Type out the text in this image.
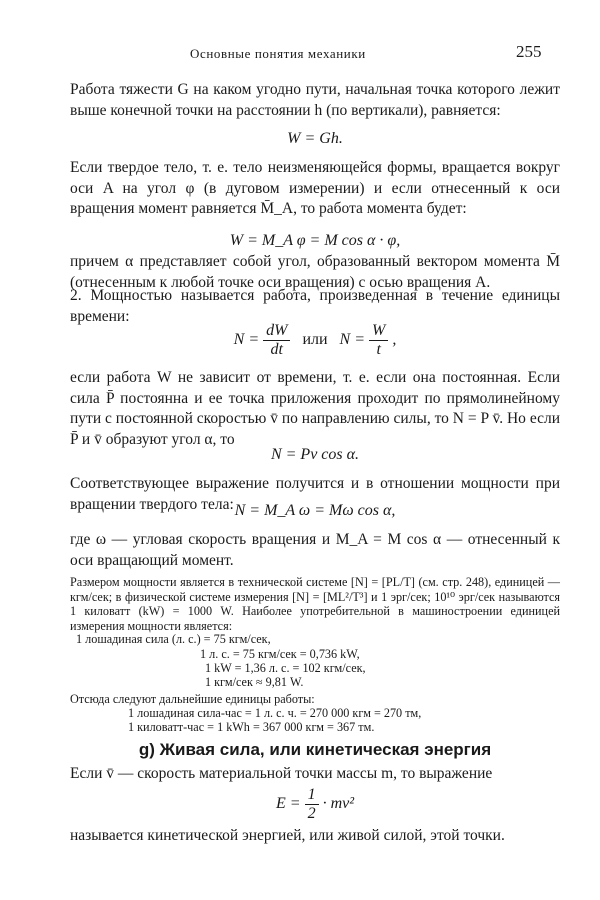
Основные понятия механики	255
Работа тяжести G на каком угодно пути, начальная точка которого лежит выше конечной точки на расстоянии h (по вертикали), равняется:
W = Gh.
Если твердое тело, т. е. тело неизменяющейся формы, вращается вокруг оси A на угол φ (в дуговом измерении) и если отнесенный к оси вращения момент равняется M̄_A, то работа момента будет:
W = M_A φ = M cos α · φ,
причем α представляет собой угол, образованный вектором момента M̄ (отнесенным к любой точке оси вращения) с осью вращения A.
2. Мощностью называется работа, произведенная в течение единицы времени:
$N = \frac{dW}{dt}$ или $N = \frac{W}{t}$ ,
если работа W не зависит от времени, т. е. если она постоянная. Если сила P̄ постоянна и ее точка приложения проходит по прямолинейному пути с постоянной скоростью v̄ по направлению силы, то N = P v̄. Но если P̄ и v̄ образуют угол α, то
N = Pv cos α.
Соответствующее выражение получится и в отношении мощности при вращении твердого тела: N = M_A ω = Mω cos α,
где ω — угловая скорость вращения и M_A = M cos α — отнесенный к оси вращающий момент.
Размером мощности является в технической системе [N] = [PL/T] (см. стр. 248), единицей — кгм/сек; в физической системе измерения [N] = [ML²/T³] и 1 эрг/сек; 10¹⁰ эрг/сек называются 1 киловатт (kW) = 1000 W. Наиболее употребительной в машиностроении единицей измерения мощности является:
1 лошадиная сила (л. с.) = 75 кгм/сек,
1 л. с. = 75 кгм/сек = 0,736 kW,
1 kW = 1,36 л. с. = 102 кгм/сек,
1 кгм/сек ≈ 9,81 W.
Отсюда следуют дальнейшие единицы работы:
1 лошадиная сила-час = 1 л. с. ч. = 270 000 кгм = 270 тм,
1 киловатт-час = 1 kWh = 367 000 кгм = 367 тм.
g) Живая сила, или кинетическая энергия
Если v̄ — скорость материальной точки массы m, то выражение
$E = \frac{1}{2} \cdot mv^2$
называется кинетической энергией, или живой силой, этой точки.
